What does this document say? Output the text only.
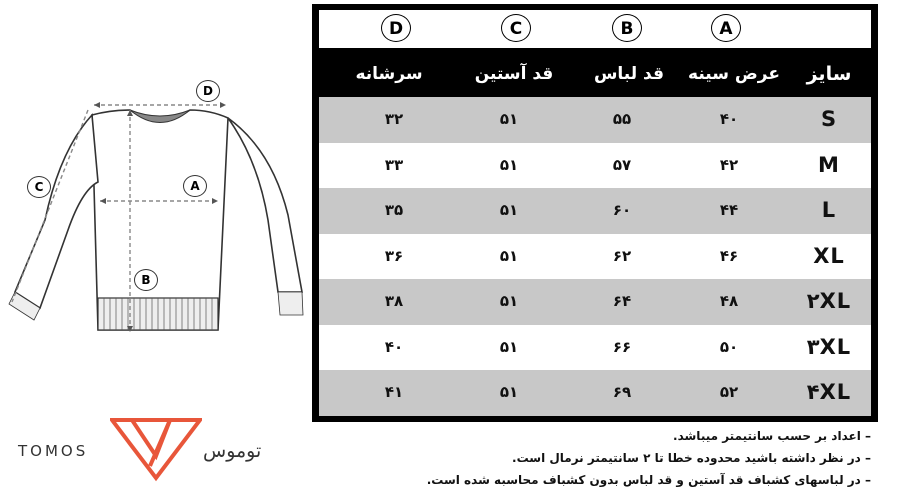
D
C	A
B
D	C	B	A
سرشانه	قد آستین	قد لباس	عرض سینه	سایز
۳۲	۵۱	۵۵	۴۰	S
۳۳	۵۱	۵۷	۴۲	M
۳۵	۵۱	۶۰	۴۴	L
۳۶	۵۱	۶۲	۴۶	XL
۳۸	۵۱	۶۴	۴۸	۲XL
۴۰	۵۱	۶۶	۵۰	۳XL
۴۱	۵۱	۶۹	۵۲	۴XL
– اعداد بر حسب سانتیمتر میباشد.
– در نظر داشته باشید محدوده خطا تا ۲ سانتیمتر نرمال است.
– در لباسهای کشباف قد آستین و قد لباس بدون کشباف محاسبه شده است.
TOMOS	توموس
